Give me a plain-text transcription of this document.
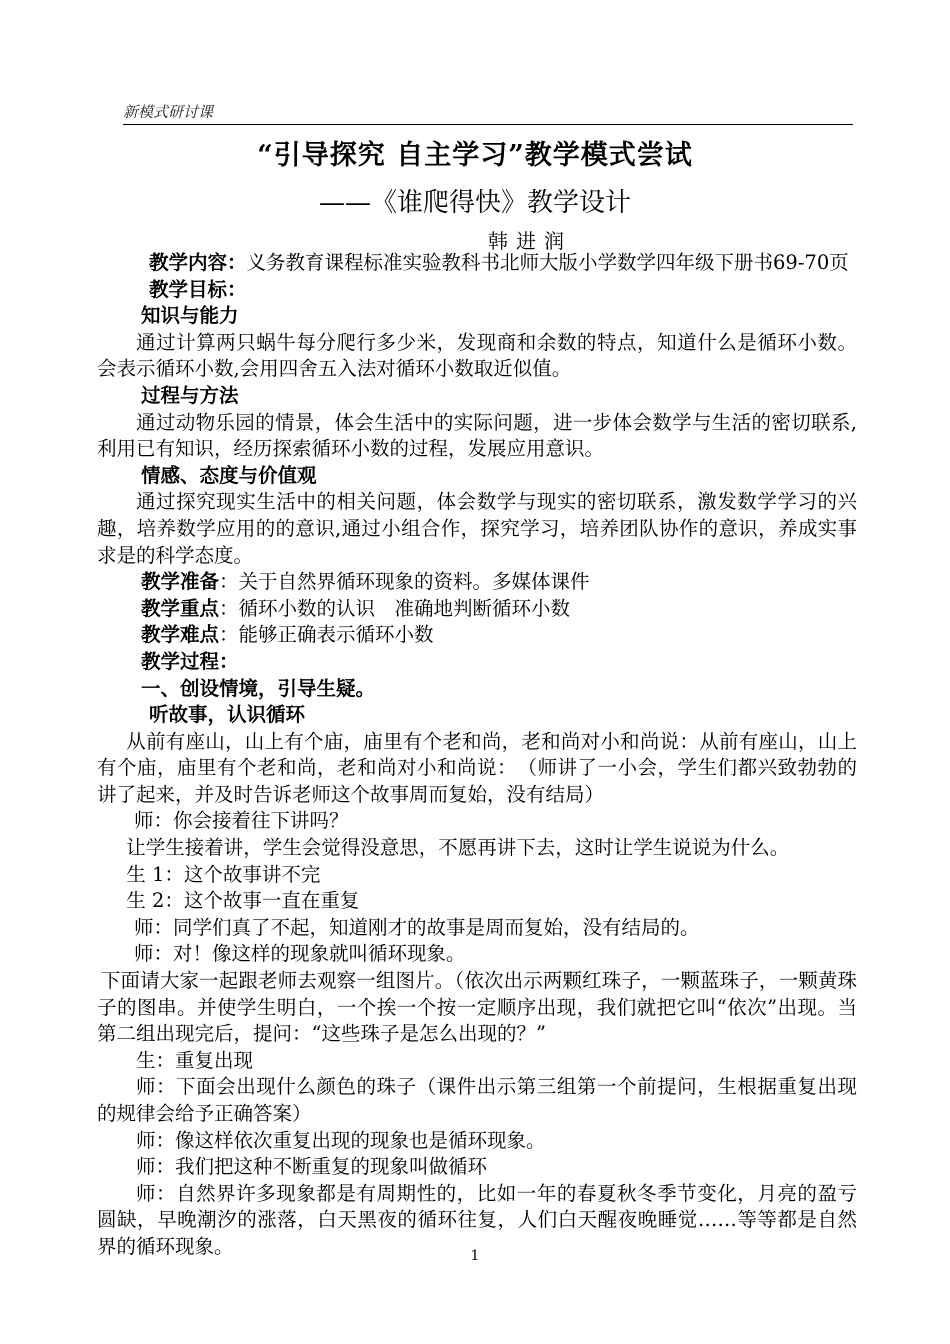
新模式研讨课
“引导探究 自主学习”教学模式尝试
——《谁爬得快》教学设计
韩进润

教学内容：义务教育课程标准实验教科书北师大版小学数学四年级下册书69-70页

教学目标：

知识与能力

通过计算两只蜗牛每分爬行多少米，发现商和余数的特点，知道什么是循环小数。会表示循环小数,会用四舍五入法对循环小数取近似值。

过程与方法

通过动物乐园的情景，体会生活中的实际问题，进一步体会数学与生活的密切联系,利用已有知识，经历探索循环小数的过程，发展应用意识。

情感、态度与价值观

通过探究现实生活中的相关问题，体会数学与现实的密切联系，激发数学学习的兴趣，培养数学应用的的意识,通过小组合作，探究学习，培养团队协作的意识，养成实事求是的科学态度。

教学准备：关于自然界循环现象的资料。多媒体课件

教学重点：循环小数的认识　准确地判断循环小数

教学难点：能够正确表示循环小数

教学过程：

一、创设情境，引导生疑。

听故事，认识循环

从前有座山，山上有个庙，庙里有个老和尚，老和尚对小和尚说：从前有座山，山上有个庙，庙里有个老和尚，老和尚对小和尚说：　（师讲了一小会，学生们都兴致勃勃的讲了起来，并及时告诉老师这个故事周而复始，没有结局）

师：你会接着往下讲吗？

让学生接着讲，学生会觉得没意思，不愿再讲下去，这时让学生说说为什么。

生 1：这个故事讲不完

生 2：这个故事一直在重复

师：同学们真了不起，知道刚才的故事是周而复始，没有结局的。

师：对！像这样的现象就叫循环现象。

下面请大家一起跟老师去观察一组图片。（依次出示两颗红珠子，一颗蓝珠子，一颗黄珠子的图串。并使学生明白，一个挨一个按一定顺序出现，我们就把它叫“依次”出现。当第二组出现完后，提问：“这些珠子是怎么出现的？”

生：重复出现

师：下面会出现什么颜色的珠子（课件出示第三组第一个前提问，生根据重复出现的规律会给予正确答案）

师：像这样依次重复出现的现象也是循环现象。

师：我们把这种不断重复的现象叫做循环

师：自然界许多现象都是有周期性的，比如一年的春夏秋冬季节变化，月亮的盈亏圆缺，早晚潮汐的涨落，白天黑夜的循环往复，人们白天醒夜晚睡觉……等等都是自然界的循环现象。	1
